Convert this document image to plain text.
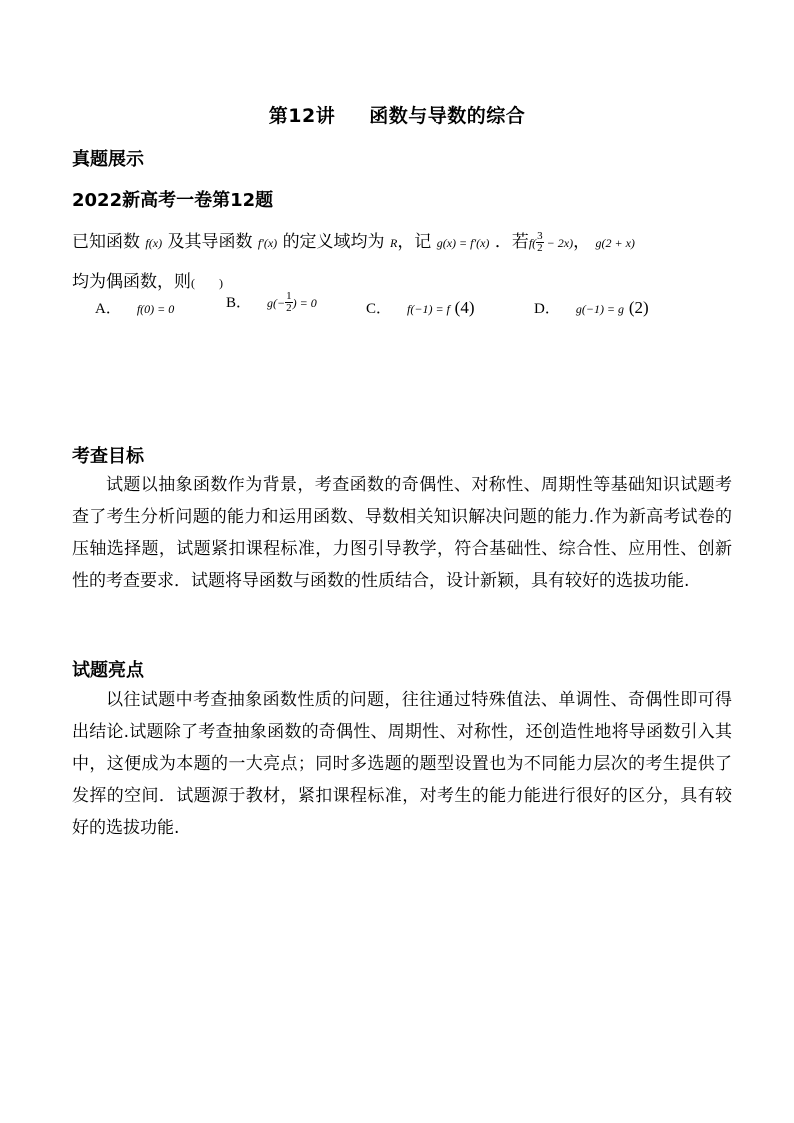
第12讲 函数与导数的综合
真题展示
2022新高考一卷第12题
已知函数 f(x) 及其导函数 f′(x) 的定义域均为 R，记 g(x) = f′(x) ．若$f( \frac{3}{2} - 2x)$， g(2 + x)
均为偶函数，则(　　)
A． f(0) = 0	B． $g(- \frac{1}{2}$ ) = 0	C． f(−1) = f (4)	D． g(−1) = g (2)
考查目标

试题以抽象函数作为背景，考查函数的奇偶性、对称性、周期性等基础知识试题考查了考生分析问题的能力和运用函数、导数相关知识解决问题的能力.作为新高考试卷的压轴选择题，试题紧扣课程标准，力图引导教学，符合基础性、综合性、应用性、创新性的考查要求．试题将导函数与函数的性质结合，设计新颖，具有较好的选拔功能.

试题亮点

以往试题中考查抽象函数性质的问题，往往通过特殊值法、单调性、奇偶性即可得出结论.试题除了考查抽象函数的奇偶性、周期性、对称性，还创造性地将导函数引入其中，这便成为本题的一大亮点；同时多选题的题型设置也为不同能力层次的考生提供了发挥的空间．试题源于教材，紧扣课程标准，对考生的能力能进行很好的区分，具有较好的选拔功能.
